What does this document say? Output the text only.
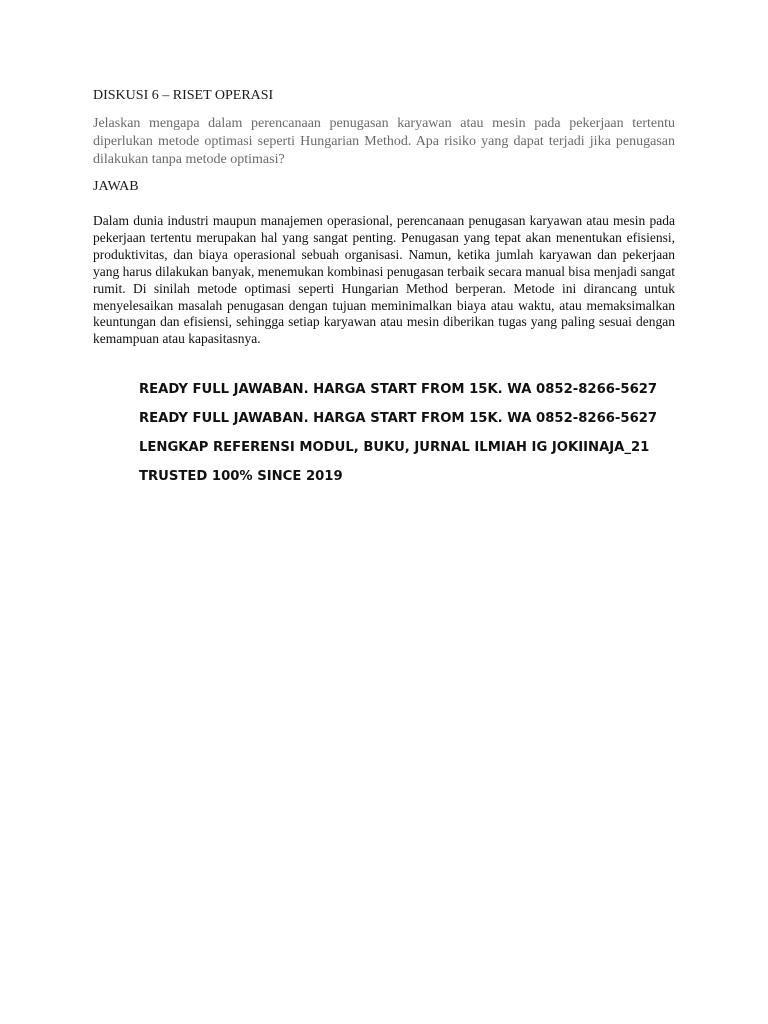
DISKUSI 6 – RISET OPERASI

Jelaskan mengapa dalam perencanaan penugasan karyawan atau mesin pada pekerjaan tertentu diperlukan metode optimasi seperti Hungarian Method. Apa risiko yang dapat terjadi jika penugasan dilakukan tanpa metode optimasi?

JAWAB

Dalam dunia industri maupun manajemen operasional, perencanaan penugasan karyawan atau mesin pada pekerjaan tertentu merupakan hal yang sangat penting. Penugasan yang tepat akan menentukan efisiensi, produktivitas, dan biaya operasional sebuah organisasi. Namun, ketika jumlah karyawan dan pekerjaan yang harus dilakukan banyak, menemukan kombinasi penugasan terbaik secara manual bisa menjadi sangat rumit. Di sinilah metode optimasi seperti Hungarian Method berperan. Metode ini dirancang untuk menyelesaikan masalah penugasan dengan tujuan meminimalkan biaya atau waktu, atau memaksimalkan keuntungan dan efisiensi, sehingga setiap karyawan atau mesin diberikan tugas yang paling sesuai dengan kemampuan atau kapasitasnya.

READY FULL JAWABAN. HARGA START FROM 15K. WA 0852-8266-5627
READY FULL JAWABAN. HARGA START FROM 15K. WA 0852-8266-5627
LENGKAP REFERENSI MODUL, BUKU, JURNAL ILMIAH IG JOKIINAJA_21
TRUSTED 100% SINCE 2019
